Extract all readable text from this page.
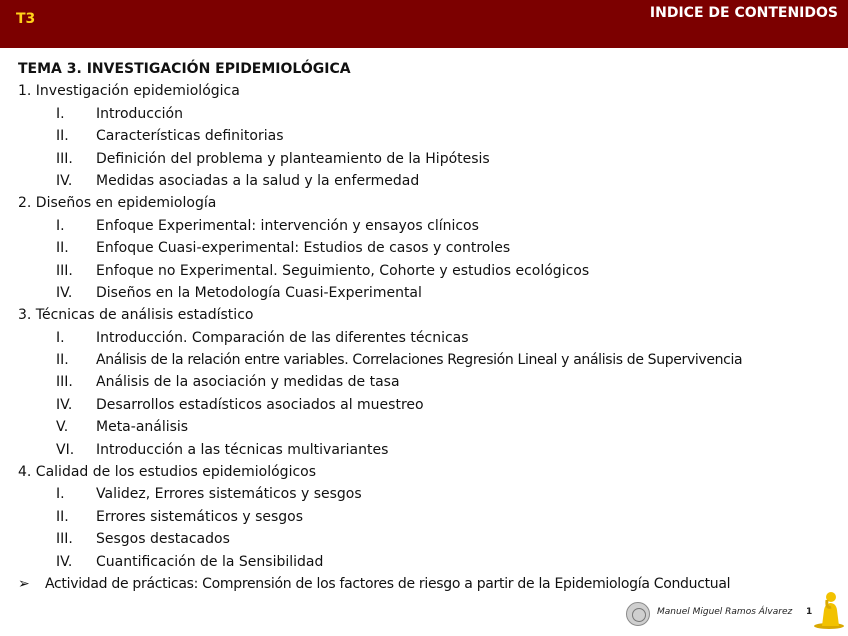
T3	INDICE DE CONTENIDOS
TEMA 3. INVESTIGACIÓN EPIDEMIOLÓGICA
1. Investigación epidemiológica
I. Introducción
II. Características definitorias
III. Definición del problema y planteamiento de la Hipótesis
IV. Medidas asociadas a la salud y la enfermedad
2. Diseños en epidemiología
I. Enfoque Experimental: intervención y ensayos clínicos
II. Enfoque Cuasi-experimental: Estudios de casos y controles
III. Enfoque no Experimental. Seguimiento, Cohorte y estudios ecológicos
IV. Diseños en la Metodología Cuasi-Experimental
3. Técnicas de análisis estadístico
I. Introducción. Comparación de las diferentes técnicas
II. Análisis de la relación entre variables. Correlaciones Regresión Lineal y análisis de Supervivencia
III. Análisis de la asociación y medidas de tasa
IV. Desarrollos estadísticos asociados al muestreo
V. Meta-análisis
VI. Introducción a las técnicas multivariantes
4. Calidad de los estudios epidemiológicos
I. Validez, Errores sistemáticos y sesgos
II. Errores sistemáticos y sesgos
III. Sesgos destacados
IV. Cuantificación de la Sensibilidad
➢ Actividad de prácticas: Comprensión de los factores de riesgo a partir de la Epidemiología Conductual
Manuel Miguel Ramos Álvarez 1
